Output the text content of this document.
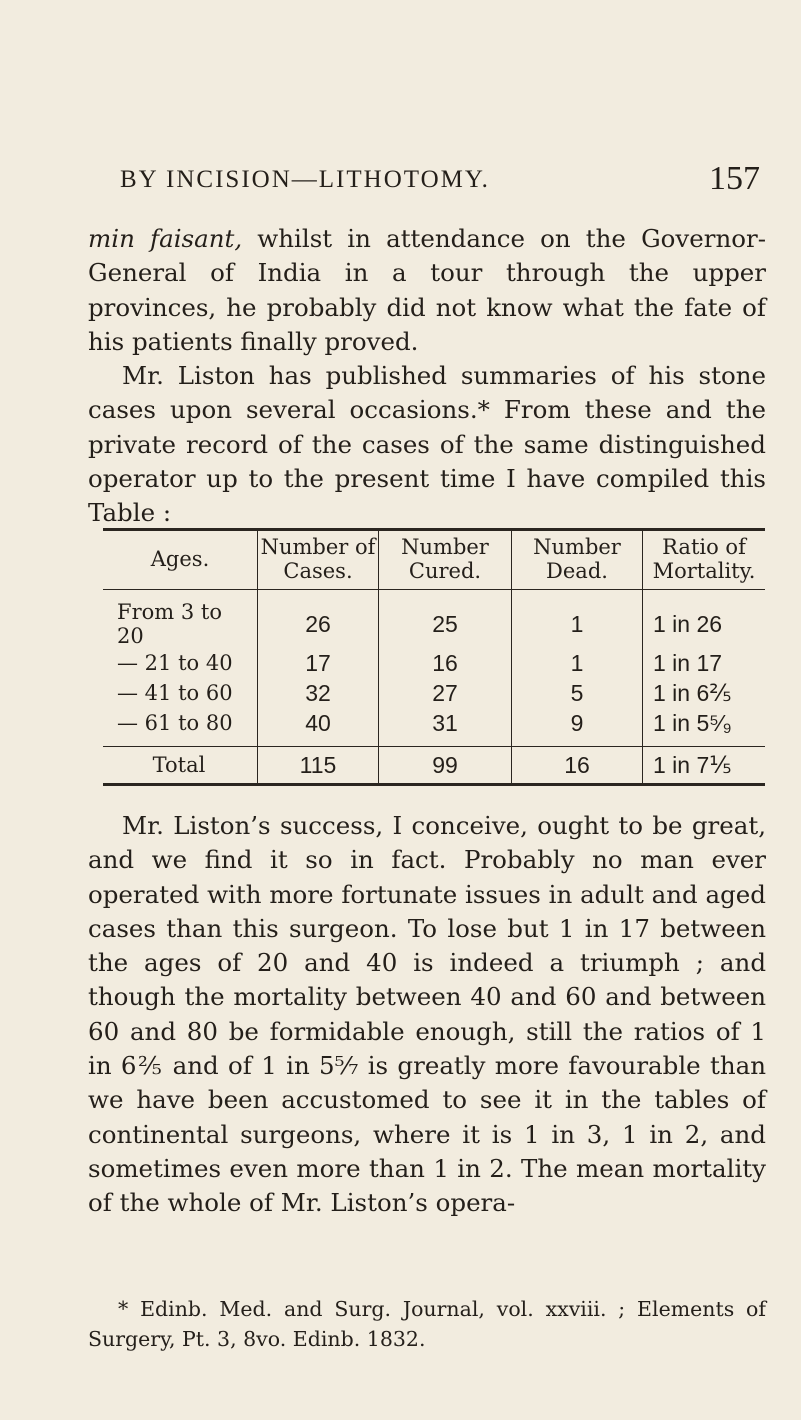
BY INCISION—LITHOTOMY.	157
min faisant, whilst in attendance on the Governor-General of India in a tour through the upper provinces, he probably did not know what the fate of his patients finally proved.
Mr. Liston has published summaries of his stone cases upon several occasions.* From these and the private record of the cases of the same distinguished operator up to the present time I have compiled this Table :
Ages.	Number of Cases.	Number Cured.	Number Dead.	Ratio of Mortality.
From 3 to 20	26	25	1	1 in 26
— 21 to 40	17	16	1	1 in 17
— 41 to 60	32	27	5	1 in 6⅖
— 61 to 80	40	31	9	1 in 5⁵⁄₉
Total	115	99	16	1 in 7⅕

Mr. Liston’s success, I conceive, ought to be great, and we find it so in fact. Probably no man ever operated with more fortunate issues in adult and aged cases than this surgeon. To lose but 1 in 17 between the ages of 20 and 40 is indeed a triumph ; and though the mortality between 40 and 60 and between 60 and 80 be formidable enough, still the ratios of 1 in 6⅖ and of 1 in 5⁵⁄₇ is greatly more favourable than we have been accustomed to see it in the tables of continental surgeons, where it is 1 in 3, 1 in 2, and sometimes even more than 1 in 2. The mean mortality of the whole of Mr. Liston’s opera-

* Edinb. Med. and Surg. Journal, vol. xxviii. ; Elements of Surgery, Pt. 3, 8vo. Edinb. 1832.
